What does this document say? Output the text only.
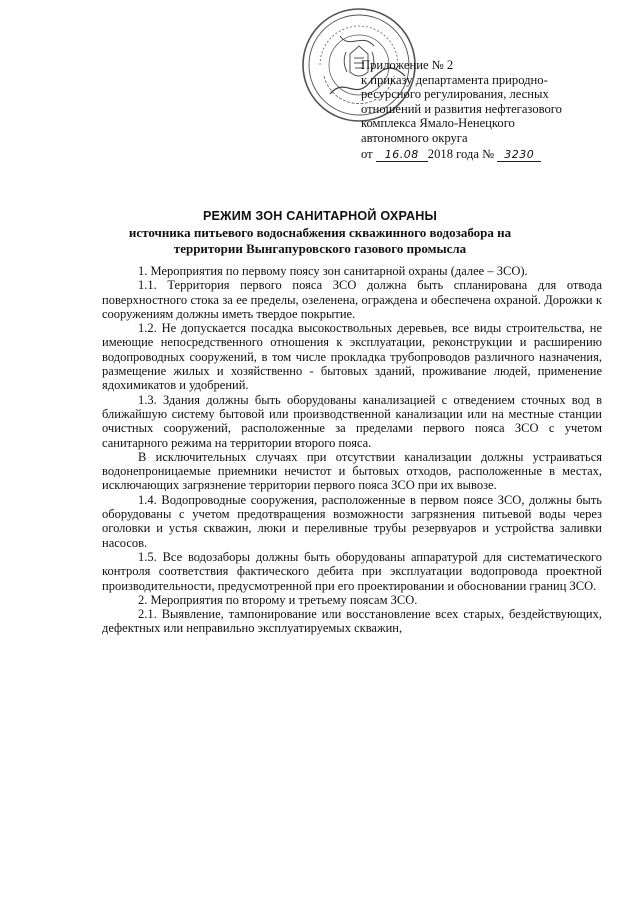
Приложение № 2
к приказу департамента природно-
ресурсного регулирования, лесных
отношений и развития нефтегазового
комплекса Ямало-Ненецкого
автономного округа
от 16.08 2018 года № 3230
РЕЖИМ ЗОН САНИТАРНОЙ ОХРАНЫ
источника питьевого водоснабжения скважинного водозабора на
территории Вынгапуровского газового промысла

1. Мероприятия по первому поясу зон санитарной охраны (далее – ЗСО).

1.1. Территория первого пояса ЗСО должна быть спланирована для отвода поверхностного стока за ее пределы, озеленена, ограждена и обеспечена охраной. Дорожки к сооружениям должны иметь твердое покрытие.

1.2. Не допускается посадка высокоствольных деревьев, все виды строительства, не имеющие непосредственного отношения к эксплуатации, реконструкции и расширению водопроводных сооружений, в том числе прокладка трубопроводов различного назначения, размещение жилых и хозяйственно - бытовых зданий, проживание людей, применение ядохимикатов и удобрений.

1.3. Здания должны быть оборудованы канализацией с отведением сточных вод в ближайшую систему бытовой или производственной канализации или на местные станции очистных сооружений, расположенные за пределами первого пояса ЗСО с учетом санитарного режима на территории второго пояса.

В исключительных случаях при отсутствии канализации должны устраиваться водонепроницаемые приемники нечистот и бытовых отходов, расположенные в местах, исключающих загрязнение территории первого пояса ЗСО при их вывозе.

1.4. Водопроводные сооружения, расположенные в первом поясе ЗСО, должны быть оборудованы с учетом предотвращения возможности загрязнения питьевой воды через оголовки и устья скважин, люки и переливные трубы резервуаров и устройства заливки насосов.

1.5. Все водозаборы должны быть оборудованы аппаратурой для систематического контроля соответствия фактического дебита при эксплуатации водопровода проектной производительности, предусмотренной при его проектировании и обосновании границ ЗСО.

2. Мероприятия по второму и третьему поясам ЗСО.

2.1. Выявление, тампонирование или восстановление всех старых, бездействующих, дефектных или неправильно эксплуатируемых скважин,
